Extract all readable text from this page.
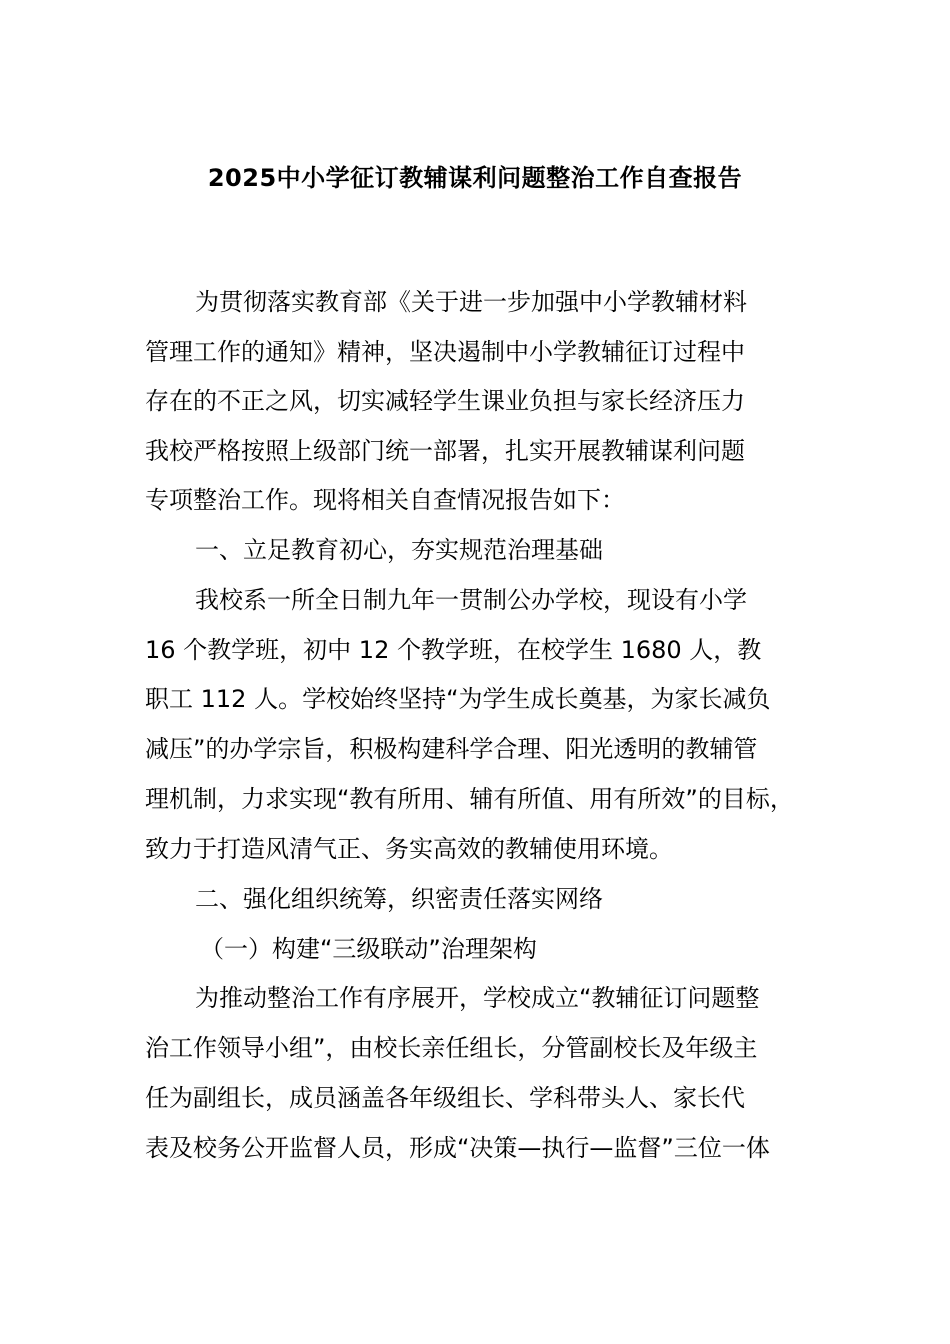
2025中小学征订教辅谋利问题整治工作自查报告

为贯彻落实教育部《关于进一步加强中小学教辅材料

管理工作的通知》精神，坚决遏制中小学教辅征订过程中

存在的不正之风，切实减轻学生课业负担与家长经济压力

我校严格按照上级部门统一部署，扎实开展教辅谋利问题

专项整治工作。现将相关自查情况报告如下：

一、立足教育初心，夯实规范治理基础

我校系一所全日制九年一贯制公办学校，现设有小学

16 个教学班，初中 12 个教学班，在校学生 1680 人，教

职工 112 人。学校始终坚持“为学生成长奠基，为家长减负

减压”的办学宗旨，积极构建科学合理、阳光透明的教辅管

理机制，力求实现“教有所用、辅有所值、用有所效”的目标，

致力于打造风清气正、务实高效的教辅使用环境。

二、强化组织统筹，织密责任落实网络

（一）构建“三级联动”治理架构

为推动整治工作有序展开，学校成立“教辅征订问题整

治工作领导小组”，由校长亲任组长，分管副校长及年级主

任为副组长，成员涵盖各年级组长、学科带头人、家长代

表及校务公开监督人员，形成“决策—执行—监督”三位一体
